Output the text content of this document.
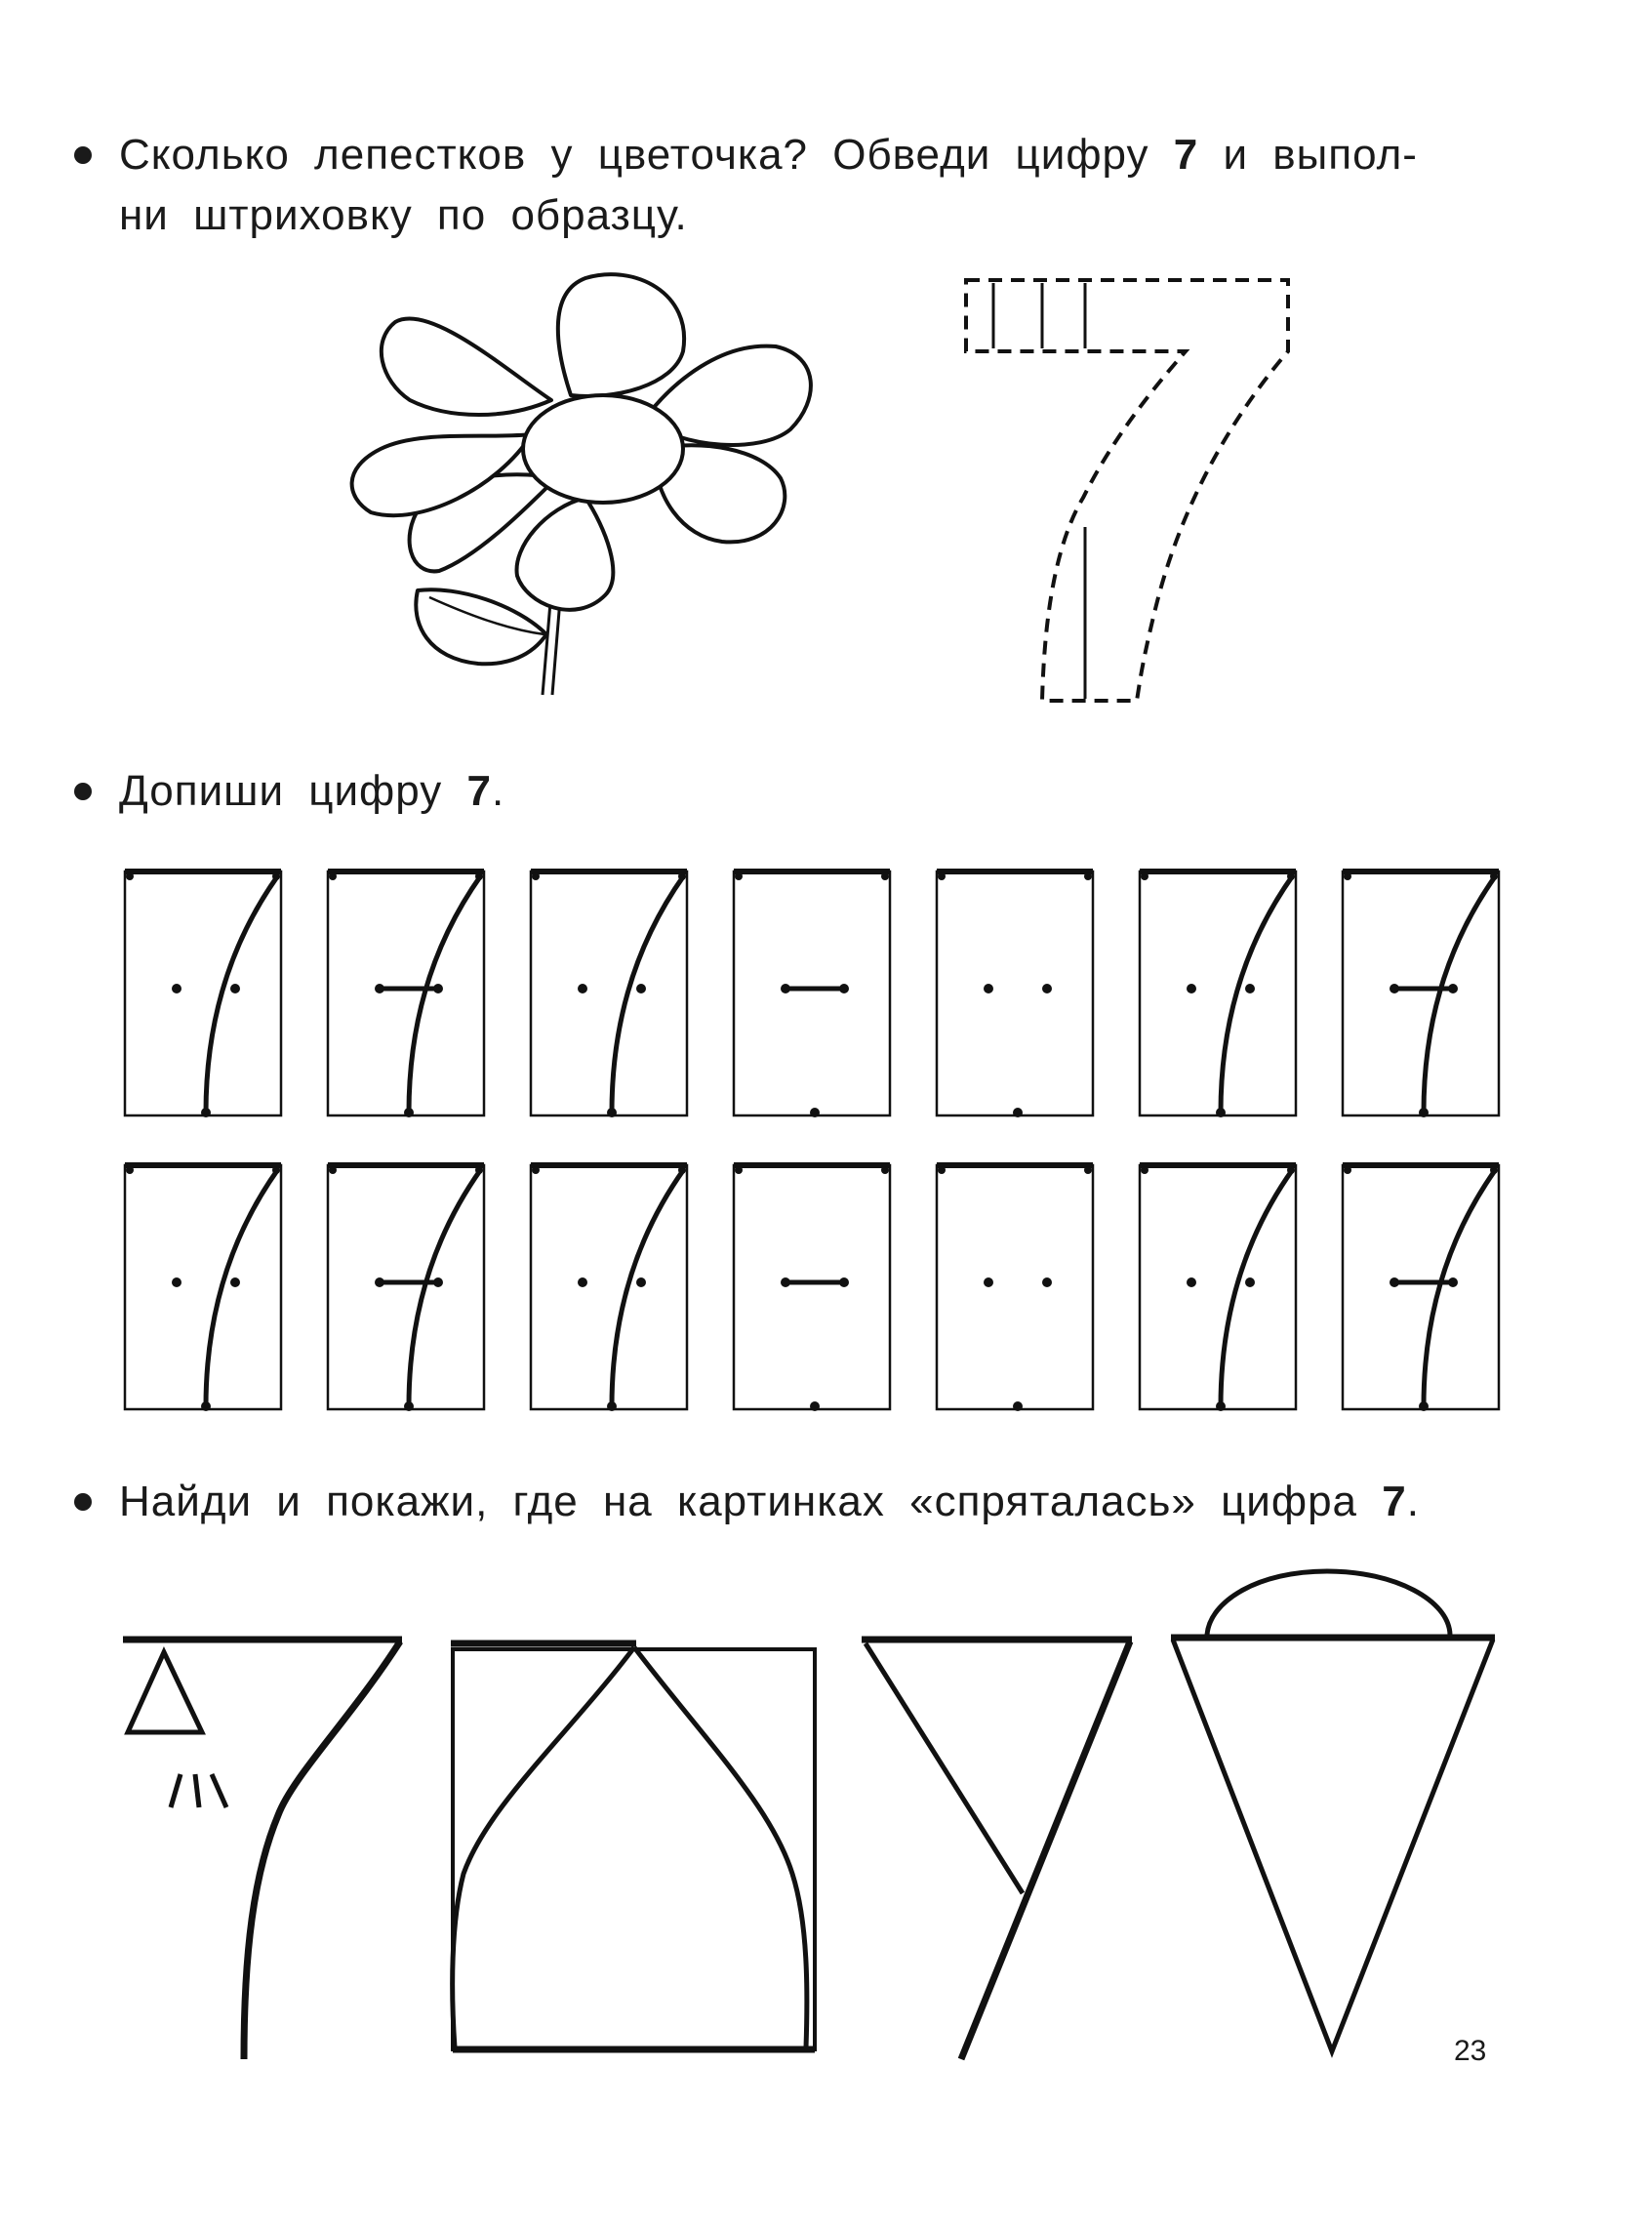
Сколько лепестков у цветочка? Обведи цифру 7 и выпол-
ни штриховку по образцу.
Допиши цифру 7.
Найди и покажи, где на картинках «спряталась» цифра 7.
23
